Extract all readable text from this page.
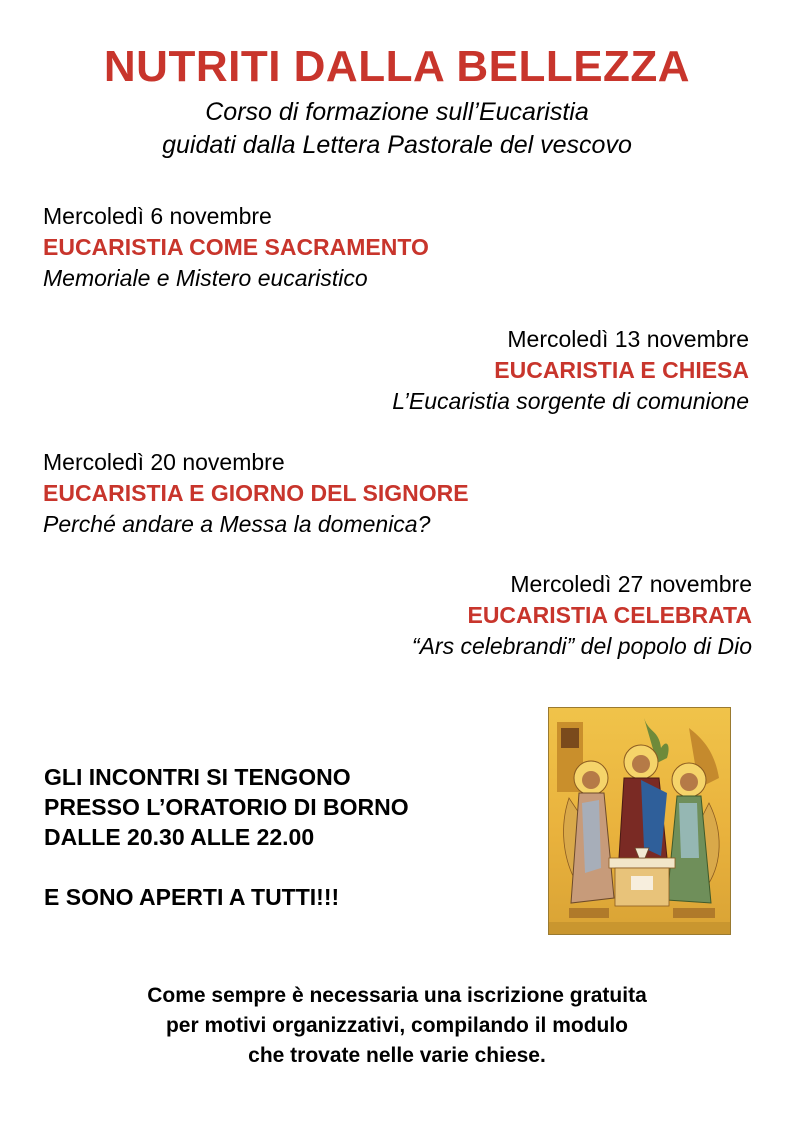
NUTRITI DALLA BELLEZZA
Corso di formazione sull’Eucaristia
guidati dalla Lettera Pastorale del vescovo
Mercoledì 6 novembre
EUCARISTIA COME SACRAMENTO
Memoriale e Mistero eucaristico
Mercoledì 13 novembre
EUCARISTIA E CHIESA
L’Eucaristia sorgente di comunione
Mercoledì 20 novembre
EUCARISTIA E GIORNO DEL SIGNORE
Perché andare a Messa la domenica?
Mercoledì 27 novembre
EUCARISTIA CELEBRATA
“Ars celebrandi” del popolo di Dio
GLI INCONTRI SI TENGONO
PRESSO L’ORATORIO DI BORNO
DALLE 20.30 ALLE 22.00
E SONO APERTI A TUTTI!!!
Come sempre è necessaria una iscrizione gratuita
per motivi organizzativi, compilando il modulo
che trovate nelle varie chiese.
